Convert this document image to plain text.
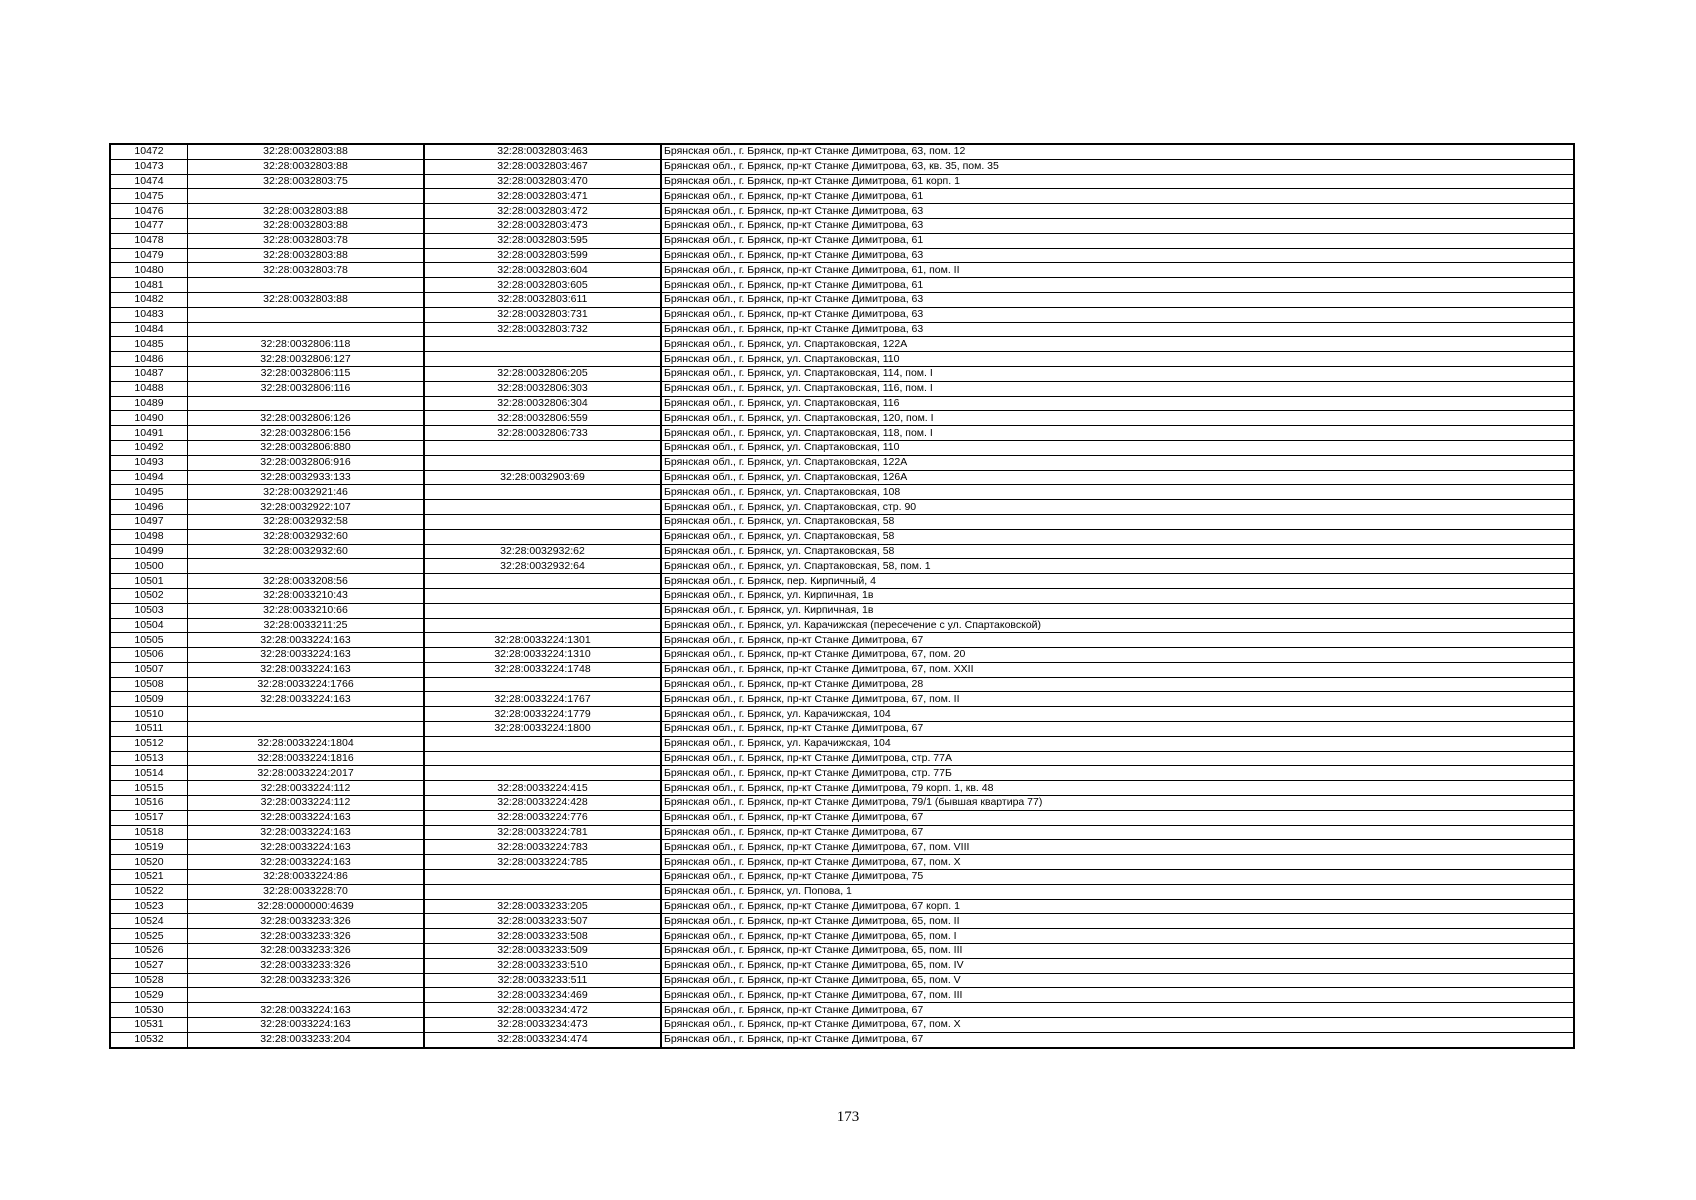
10472	32:28:0032803:88	32:28:0032803:463	Брянская обл., г. Брянск, пр-кт Станке Димитрова, 63, пом. 12
10473	32:28:0032803:88	32:28:0032803:467	Брянская обл., г. Брянск, пр-кт Станке Димитрова, 63, кв. 35, пом. 35
10474	32:28:0032803:75	32:28:0032803:470	Брянская обл., г. Брянск, пр-кт Станке Димитрова, 61 корп. 1
10475		32:28:0032803:471	Брянская обл., г. Брянск, пр-кт Станке Димитрова, 61
10476	32:28:0032803:88	32:28:0032803:472	Брянская обл., г. Брянск, пр-кт Станке Димитрова, 63
10477	32:28:0032803:88	32:28:0032803:473	Брянская обл., г. Брянск, пр-кт Станке Димитрова, 63
10478	32:28:0032803:78	32:28:0032803:595	Брянская обл., г. Брянск, пр-кт Станке Димитрова, 61
10479	32:28:0032803:88	32:28:0032803:599	Брянская обл., г. Брянск, пр-кт Станке Димитрова, 63
10480	32:28:0032803:78	32:28:0032803:604	Брянская обл., г. Брянск, пр-кт Станке Димитрова, 61, пом. II
10481		32:28:0032803:605	Брянская обл., г. Брянск, пр-кт Станке Димитрова, 61
10482	32:28:0032803:88	32:28:0032803:611	Брянская обл., г. Брянск, пр-кт Станке Димитрова, 63
10483		32:28:0032803:731	Брянская обл., г. Брянск, пр-кт Станке Димитрова, 63
10484		32:28:0032803:732	Брянская обл., г. Брянск, пр-кт Станке Димитрова, 63
10485	32:28:0032806:118		Брянская обл., г. Брянск, ул. Спартаковская, 122А
10486	32:28:0032806:127		Брянская обл., г. Брянск, ул. Спартаковская, 110
10487	32:28:0032806:115	32:28:0032806:205	Брянская обл., г. Брянск, ул. Спартаковская, 114, пом. I
10488	32:28:0032806:116	32:28:0032806:303	Брянская обл., г. Брянск, ул. Спартаковская, 116, пом. I
10489		32:28:0032806:304	Брянская обл., г. Брянск, ул. Спартаковская, 116
10490	32:28:0032806:126	32:28:0032806:559	Брянская обл., г. Брянск, ул. Спартаковская, 120, пом. I
10491	32:28:0032806:156	32:28:0032806:733	Брянская обл., г. Брянск, ул. Спартаковская, 118, пом. I
10492	32:28:0032806:880		Брянская обл., г. Брянск, ул. Спартаковская, 110
10493	32:28:0032806:916		Брянская обл., г. Брянск, ул. Спартаковская, 122А
10494	32:28:0032933:133	32:28:0032903:69	Брянская обл., г. Брянск, ул. Спартаковская, 126А
10495	32:28:0032921:46		Брянская обл., г. Брянск, ул. Спартаковская, 108
10496	32:28:0032922:107		Брянская обл., г. Брянск, ул. Спартаковская, стр. 90
10497	32:28:0032932:58		Брянская обл., г. Брянск, ул. Спартаковская, 58
10498	32:28:0032932:60		Брянская обл., г. Брянск, ул. Спартаковская, 58
10499	32:28:0032932:60	32:28:0032932:62	Брянская обл., г. Брянск, ул. Спартаковская, 58
10500		32:28:0032932:64	Брянская обл., г. Брянск, ул. Спартаковская, 58, пом. 1
10501	32:28:0033208:56		Брянская обл., г. Брянск, пер. Кирпичный, 4
10502	32:28:0033210:43		Брянская обл., г. Брянск, ул. Кирпичная, 1в
10503	32:28:0033210:66		Брянская обл., г. Брянск, ул. Кирпичная, 1в
10504	32:28:0033211:25		Брянская обл., г. Брянск, ул. Карачижская (пересечение с ул. Спартаковской)
10505	32:28:0033224:163	32:28:0033224:1301	Брянская обл., г. Брянск, пр-кт Станке Димитрова, 67
10506	32:28:0033224:163	32:28:0033224:1310	Брянская обл., г. Брянск, пр-кт Станке Димитрова, 67, пом. 20
10507	32:28:0033224:163	32:28:0033224:1748	Брянская обл., г. Брянск, пр-кт Станке Димитрова, 67, пом. XXII
10508	32:28:0033224:1766		Брянская обл., г. Брянск, пр-кт Станке Димитрова, 28
10509	32:28:0033224:163	32:28:0033224:1767	Брянская обл., г. Брянск, пр-кт Станке Димитрова, 67, пом. II
10510		32:28:0033224:1779	Брянская обл., г. Брянск, ул. Карачижская, 104
10511		32:28:0033224:1800	Брянская обл., г. Брянск, пр-кт Станке Димитрова, 67
10512	32:28:0033224:1804		Брянская обл., г. Брянск, ул. Карачижская, 104
10513	32:28:0033224:1816		Брянская обл., г. Брянск, пр-кт Станке Димитрова, стр. 77А
10514	32:28:0033224:2017		Брянская обл., г. Брянск, пр-кт Станке Димитрова, стр. 77Б
10515	32:28:0033224:112	32:28:0033224:415	Брянская обл., г. Брянск, пр-кт Станке Димитрова, 79 корп. 1, кв. 48
10516	32:28:0033224:112	32:28:0033224:428	Брянская обл., г. Брянск, пр-кт Станке Димитрова, 79/1 (бывшая квартира 77)
10517	32:28:0033224:163	32:28:0033224:776	Брянская обл., г. Брянск, пр-кт Станке Димитрова, 67
10518	32:28:0033224:163	32:28:0033224:781	Брянская обл., г. Брянск, пр-кт Станке Димитрова, 67
10519	32:28:0033224:163	32:28:0033224:783	Брянская обл., г. Брянск, пр-кт Станке Димитрова, 67, пом. VIII
10520	32:28:0033224:163	32:28:0033224:785	Брянская обл., г. Брянск, пр-кт Станке Димитрова, 67, пом. X
10521	32:28:0033224:86		Брянская обл., г. Брянск, пр-кт Станке Димитрова, 75
10522	32:28:0033228:70		Брянская обл., г. Брянск, ул. Попова, 1
10523	32:28:0000000:4639	32:28:0033233:205	Брянская обл., г. Брянск, пр-кт Станке Димитрова, 67 корп. 1
10524	32:28:0033233:326	32:28:0033233:507	Брянская обл., г. Брянск, пр-кт Станке Димитрова, 65, пом. II
10525	32:28:0033233:326	32:28:0033233:508	Брянская обл., г. Брянск, пр-кт Станке Димитрова, 65, пом. I
10526	32:28:0033233:326	32:28:0033233:509	Брянская обл., г. Брянск, пр-кт Станке Димитрова, 65, пом. III
10527	32:28:0033233:326	32:28:0033233:510	Брянская обл., г. Брянск, пр-кт Станке Димитрова, 65, пом. IV
10528	32:28:0033233:326	32:28:0033233:511	Брянская обл., г. Брянск, пр-кт Станке Димитрова, 65, пом. V
10529		32:28:0033234:469	Брянская обл., г. Брянск, пр-кт Станке Димитрова, 67, пом. III
10530	32:28:0033224:163	32:28:0033234:472	Брянская обл., г. Брянск, пр-кт Станке Димитрова, 67
10531	32:28:0033224:163	32:28:0033234:473	Брянская обл., г. Брянск, пр-кт Станке Димитрова, 67, пом. X
10532	32:28:0033233:204	32:28:0033234:474	Брянская обл., г. Брянск, пр-кт Станке Димитрова, 67
173
